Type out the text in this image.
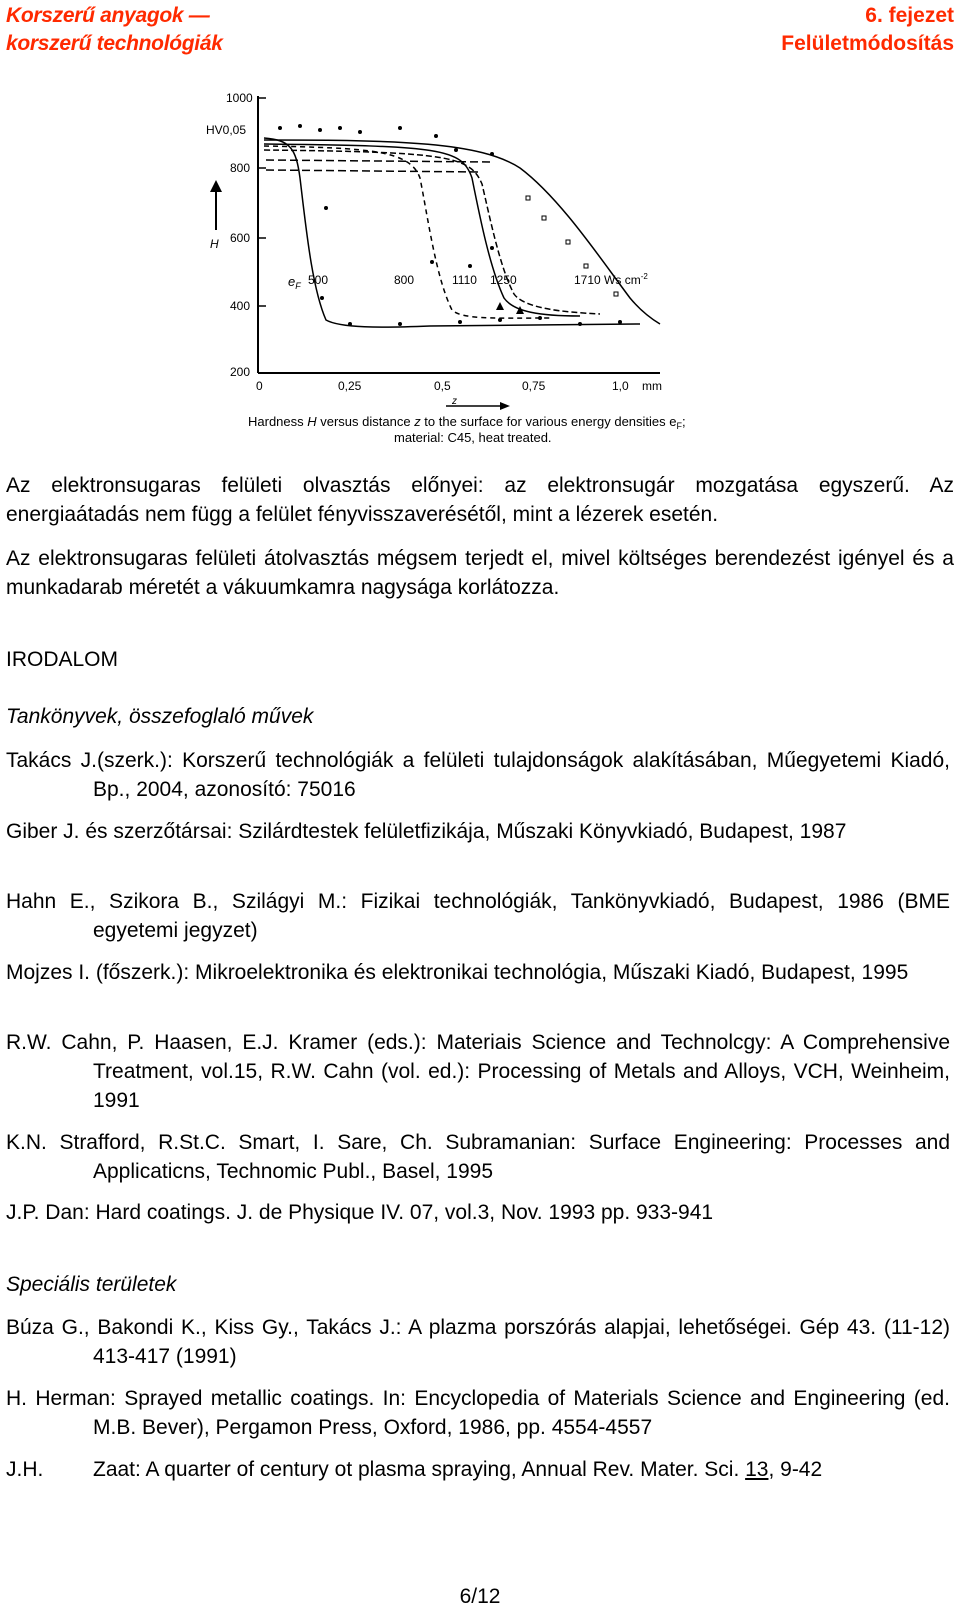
Korszerű anyagok —
korszerű technológiák
6. fejezet
Felületmódosítás
1000
HV0,05
800
600
400
200
H
0	0,25	0,5	0,75	1,0 mm
z
$e_F$ 500	800	1110 1250	1710 Ws $cm^{-2}$
Hardness H versus distance z to the surface for various energy densities $e_F$;
material: C45, heat treated.
Az elektronsugaras felületi olvasztás előnyei: az elektronsugár mozgatása egyszerű. Az energiaátadás nem függ a felület fényvisszaverésétől, mint a lézerek esetén.
Az elektronsugaras felületi átolvasztás mégsem terjedt el, mivel költséges berendezést igényel és a munkadarab méretét a vákuumkamra nagysága korlátozza.
IRODALOM
Tankönyvek, összefoglaló művek
Takács J.(szerk.): Korszerű technológiák a felületi tulajdonságok alakításában, Műegyetemi Kiadó, Bp., 2004, azonosító: 75016
Giber J. és szerzőtársai: Szilárdtestek felületfizikája, Műszaki Könyvkiadó, Budapest, 1987
Hahn E., Szikora B., Szilágyi M.: Fizikai technológiák, Tankönyvkiadó, Budapest, 1986 (BME egyetemi jegyzet)
Mojzes I. (főszerk.): Mikroelektronika és elektronikai technológia, Műszaki Kiadó, Budapest, 1995
R.W. Cahn, P. Haasen, E.J. Kramer (eds.): Materiais Science and Technolcgy: A Comprehensive Treatment, vol.15, R.W. Cahn (vol. ed.): Processing of Metals and Alloys, VCH, Weinheim, 1991
K.N. Strafford, R.St.C. Smart, I. Sare, Ch. Subramanian: Surface Engineering: Processes and Applicaticns, Technomic Publ., Basel, 1995
J.P. Dan: Hard coatings. J. de Physique IV. 07, vol.3, Nov. 1993 pp. 933-941
Speciális területek
Búza G., Bakondi K., Kiss Gy., Takács J.: A plazma porszórás alapjai, lehetőségei. Gép 43. (11-12) 413-417 (1991)
H. Herman: Sprayed metallic coatings. In: Encyclopedia of Materials Science and Engineering (ed. M.B. Bever), Pergamon Press, Oxford, 1986, pp. 4554-4557
J.H. Zaat: A quarter of century ot plasma spraying, Annual Rev. Mater. Sci. 13, 9-42
6/12
